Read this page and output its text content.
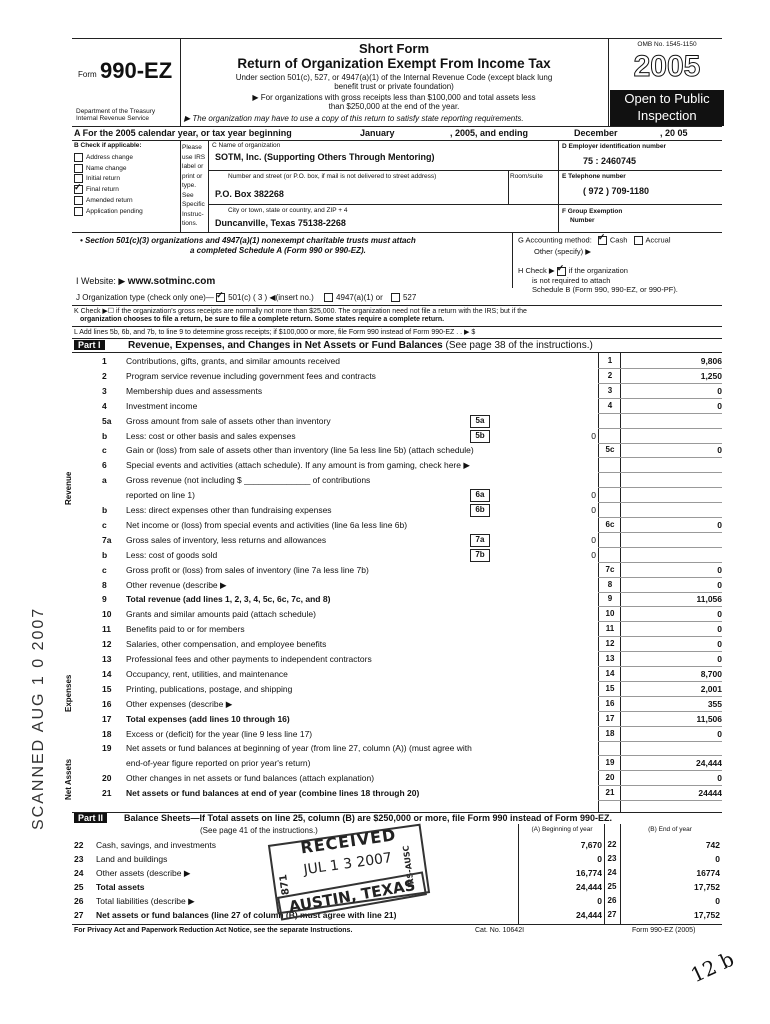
Form 990-EZ
Department of the Treasury
Internal Revenue Service
Short Form
Return of Organization Exempt From Income Tax
Under section 501(c), 527, or 4947(a)(1) of the Internal Revenue Code (except black lung
benefit trust or private foundation)
▶ For organizations with gross receipts less than $100,000 and total assets less
than $250,000 at the end of the year.
▶ The organization may have to use a copy of this return to satisfy state reporting requirements.
OMB No. 1545-1150
2005
Open to Public
Inspection
A For the 2005 calendar year, or tax year beginning	January	, 2005, and ending	December	, 20 05
B Check if applicable:
Address change
Name change
Initial return
✓Final return
Amended return
Application pending
Please
use IRS
label or
print or
type.
See
Specific
Instruc-
tions.
C Name of organization
SOTM, Inc. (Supporting Others Through Mentoring)
Number and street (or P.O. box, if mail is not delivered to street address)	Room/suite
P.O. Box 382268
City or town, state or country, and ZIP + 4
Duncanville, Texas 75138-2268
D Employer identification number
75 : 2460745
E Telephone number
( 972 ) 709-1180
F Group Exemption
Number
• Section 501(c)(3) organizations and 4947(a)(1) nonexempt charitable trusts must attach
a completed Schedule A (Form 990 or 990-EZ).
G Accounting method: ✓ Cash Accrual
Other (specify) ▶
H Check ▶ ✓ if the organization
is not required to attach
Schedule B (Form 990, 990-EZ, or 990-PF).
I Website: ▶ www.sotminc.com
J Organization type (check only one)— ✓ 501(c) ( 3 ) ◀(insert no.)	4947(a)(1) or	527
K Check ▶☐ if the organization's gross receipts are normally not more than $25,000. The organization need not file a return with the IRS; but if the
organization chooses to file a return, be sure to file a complete return. Some states require a complete return.
L Add lines 5b, 6b, and 7b, to line 9 to determine gross receipts; if $100,000 or more, file Form 990 instead of Form 990-EZ . . ▶ $
Part I	Revenue, Expenses, and Changes in Net Assets or Fund Balances (See page 38 of the instructions.)
Revenue
Expenses
Net Assets
1	Contributions, gifts, grants, and similar amounts received	1	9,806
2	Program service revenue including government fees and contracts	2	1,250
3	Membership dues and assessments	3	0
4	Investment income	4	0
5a	Gross amount from sale of assets other than inventory	5a
b	Less: cost or other basis and sales expenses	5b	0
c	Gain or (loss) from sale of assets other than inventory (line 5a less line 5b) (attach schedule)	5c	0
6	Special events and activities (attach schedule). If any amount is from gaming, check here ▶
a	Gross revenue (not including $ ______________ of contributions
reported on line 1)	6a	0
b	Less: direct expenses other than fundraising expenses	6b	0
c	Net income or (loss) from special events and activities (line 6a less line 6b)	6c	0
7a	Gross sales of inventory, less returns and allowances	7a	0
b	Less: cost of goods sold	7b	0
c	Gross profit or (loss) from sales of inventory (line 7a less line 7b)	7c	0
8	Other revenue (describe ▶	8	0
9	Total revenue (add lines 1, 2, 3, 4, 5c, 6c, 7c, and 8)	9	11,056
10	Grants and similar amounts paid (attach schedule)	10	0
11	Benefits paid to or for members	11	0
12	Salaries, other compensation, and employee benefits	12	0
13	Professional fees and other payments to independent contractors	13	0
14	Occupancy, rent, utilities, and maintenance	14	8,700
15	Printing, publications, postage, and shipping	15	2,001
16	Other expenses (describe ▶	16	355
17	Total expenses (add lines 10 through 16)	17	11,506
18	Excess or (deficit) for the year (line 9 less line 17)	18	0
19	Net assets or fund balances at beginning of year (from line 27, column (A)) (must agree with
end-of-year figure reported on prior year's return)	19	24,444
20	Other changes in net assets or fund balances (attach explanation)	20	0
21	Net assets or fund balances at end of year (combine lines 18 through 20)	21	24444
Part II	Balance Sheets—If Total assets on line 25, column (B) are $250,000 or more, file Form 990 instead of Form 990-EZ.
(See page 41 of the instructions.)	(A) Beginning of year	(B) End of year
22 Cash, savings, and investments	7,670 22	742
23 Land and buildings	0 23	0
24 Other assets (describe ▶	16,774 24	16774
25 Total assets	24,444 25	17,752
26 Total liabilities (describe ▶	0 26	0
27 Net assets or fund balances (line 27 of column (B) must agree with line 21)	24,444 27	17,752
For Privacy Act and Paperwork Reduction Act Notice, see the separate Instructions.	Cat. No. 10642I	Form 990-EZ (2005)
SCANNED AUG 1 0 2007
RECEIVED
JUL 1 3 2007
871	IRS-AUSC
AUSTIN, TEXAS
12 b
